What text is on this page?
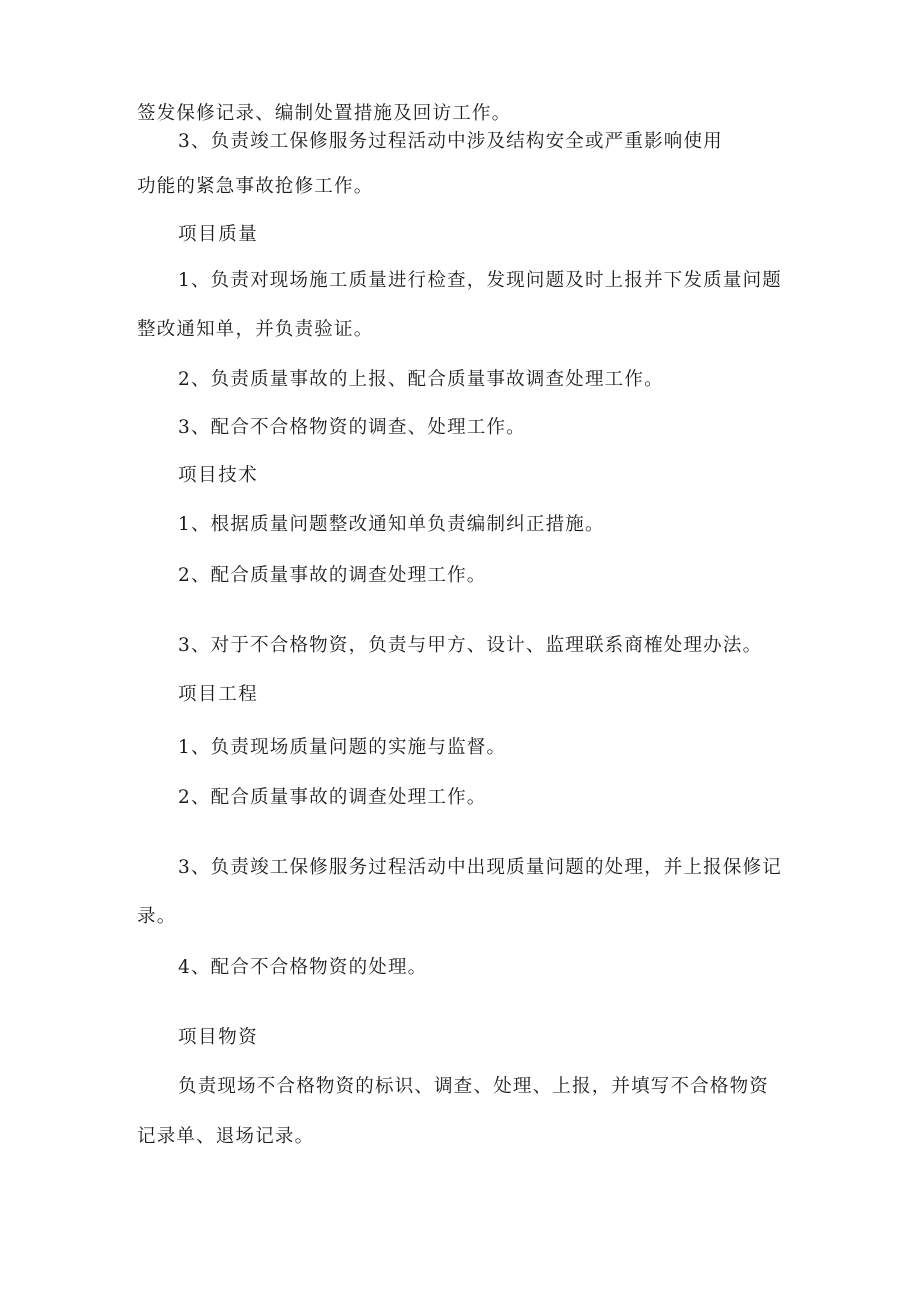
签发保修记录、编制处置措施及回访工作。

3、负责竣工保修服务过程活动中涉及结构安全或严重影响使用

功能的紧急事故抢修工作。

项目质量

1、负责对现场施工质量进行检查，发现问题及时上报并下发质量问题

整改通知单，并负责验证。

2、负责质量事故的上报、配合质量事故调查处理工作。

3、配合不合格物资的调查、处理工作。

项目技术

1、根据质量问题整改通知单负责编制纠正措施。

2、配合质量事故的调查处理工作。

3、对于不合格物资，负责与甲方、设计、监理联系商榷处理办法。

项目工程

1、负责现场质量问题的实施与监督。

2、配合质量事故的调查处理工作。

3、负责竣工保修服务过程活动中出现质量问题的处理，并上报保修记

录。

4、配合不合格物资的处理。

项目物资

负责现场不合格物资的标识、调查、处理、上报，并填写不合格物资

记录单、退场记录。
